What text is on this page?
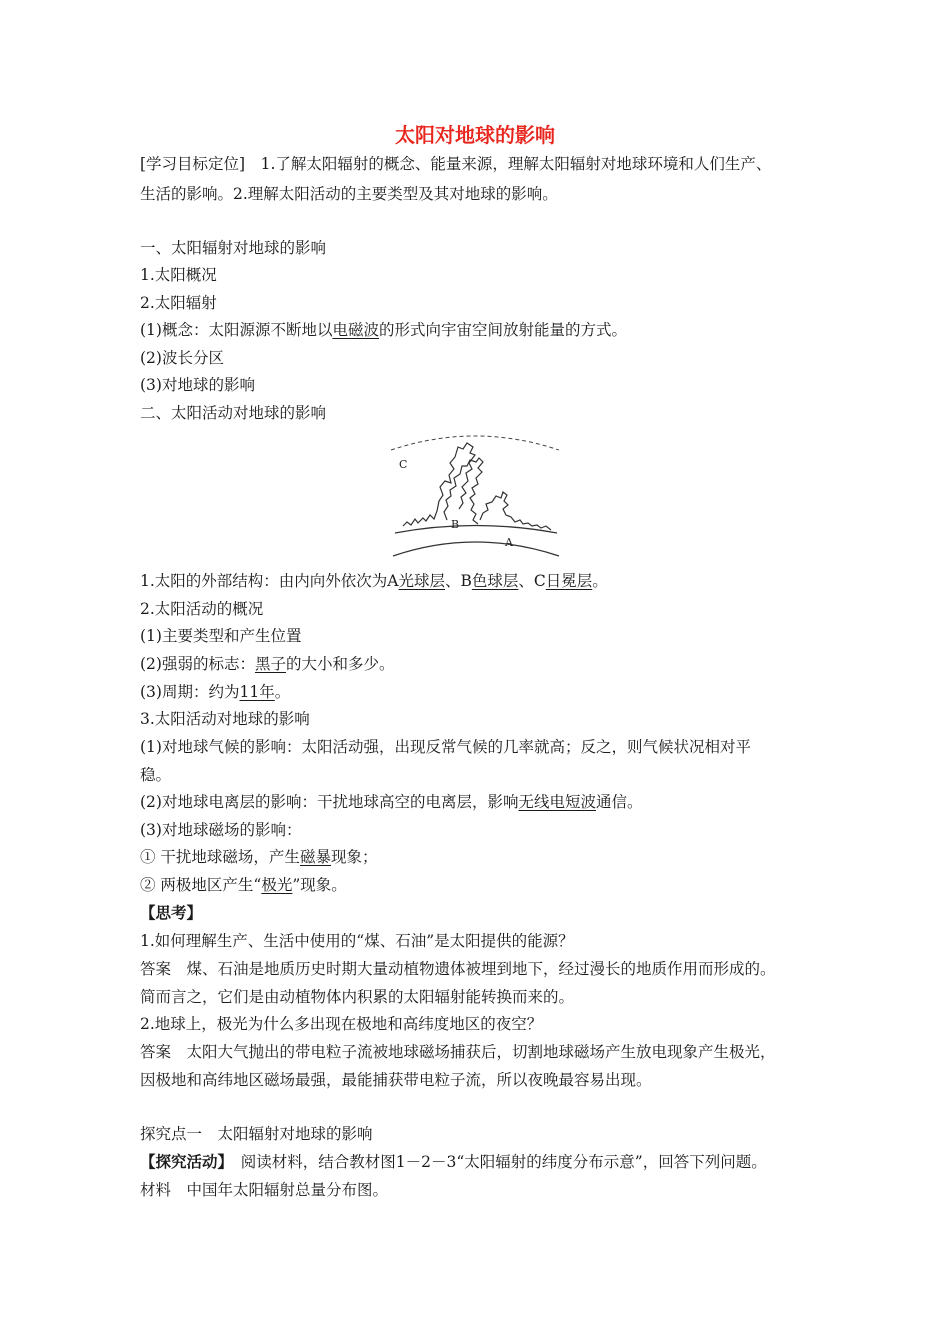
太阳对地球的影响
[学习目标定位]　 1.了解太阳辐射的概念、能量来源，理解太阳辐射对地球环境和人们生产、
生活的影响。2.理解太阳活动的主要类型及其对地球的影响。
一、太阳辐射对地球的影响
1.太阳概况
2.太阳辐射
(1)概念：太阳源源不断地以电磁波的形式向宇宙空间放射能量的方式。
(2)波长分区
(3)对地球的影响
二、太阳活动对地球的影响
C
B
A
1.太阳的外部结构：由内向外依次为A光球层、B色球层、C日冕层。
2.太阳活动的概况
(1)主要类型和产生位置
(2)强弱的标志：黑子的大小和多少。
(3)周期：约为11年。
3.太阳活动对地球的影响
(1)对地球气候的影响：太阳活动强，出现反常气候的几率就高；反之，则气候状况相对平
稳。
(2)对地球电离层的影响：干扰地球高空的电离层，影响无线电短波通信。
(3)对地球磁场的影响：
① 干扰地球磁场，产生磁暴现象；
② 两极地区产生“极光”现象。
【思考】
1.如何理解生产、生活中使用的“煤、石油”是太阳提供的能源？
答案　煤、石油是地质历史时期大量动植物遗体被埋到地下，经过漫长的地质作用而形成的。
简而言之，它们是由动植物体内积累的太阳辐射能转换而来的。
2.地球上，极光为什么多出现在极地和高纬度地区的夜空？
答案　太阳大气抛出的带电粒子流被地球磁场捕获后，切割地球磁场产生放电现象产生极光，
因极地和高纬地区磁场最强，最能捕获带电粒子流，所以夜晚最容易出现。
探究点一　太阳辐射对地球的影响
【探究活动】　 阅读材料，结合教材图1－2－3“太阳辐射的纬度分布示意”，回答下列问题。
材料　中国年太阳辐射总量分布图。
